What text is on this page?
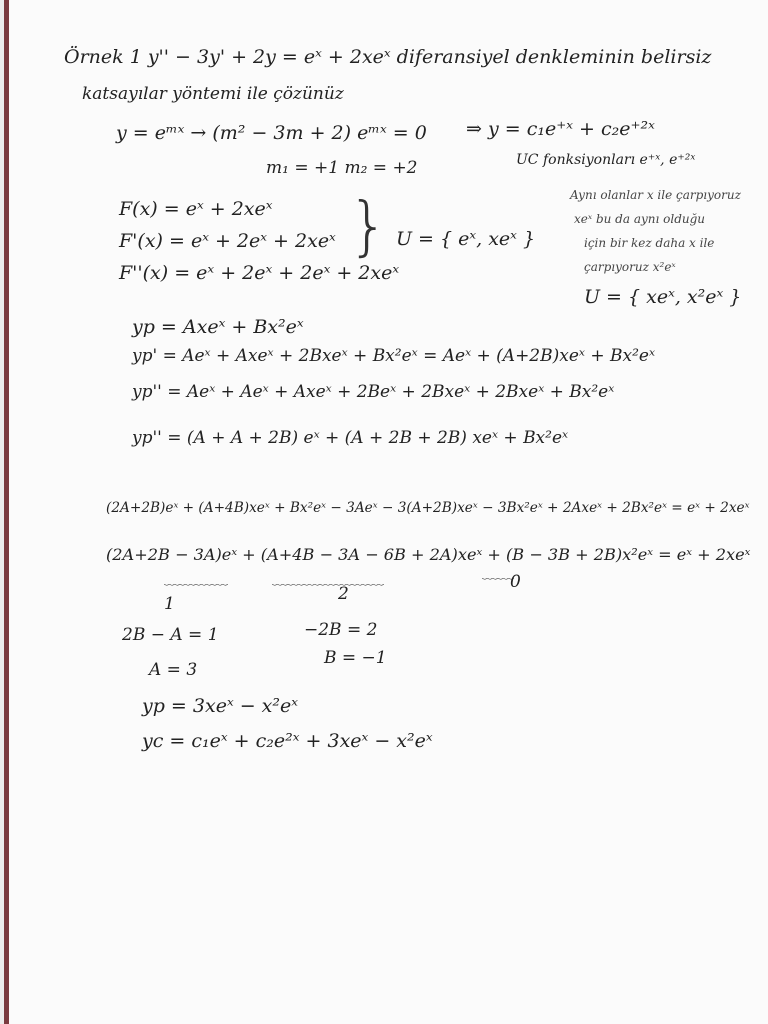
Örnek 1 y'' − 3y' + 2y = eˣ + 2xeˣ diferansiyel denkleminin belirsiz
katsayılar yöntemi ile çözünüz
y = eᵐˣ → (m² − 3m + 2) eᵐˣ = 0 ⇒ y = c₁e⁺ˣ + c₂e⁺²ˣ
m₁ = +1 m₂ = +2	UC fonksiyonları e⁺ˣ, e⁺²ˣ
F(x) = eˣ + 2xeˣ
F'(x) = eˣ + 2eˣ + 2xeˣ
F''(x) = eˣ + 2eˣ + 2eˣ + 2xeˣ
} U = { eˣ, xeˣ }
Aynı olanlar x ile çarpıyoruz
xeˣ bu da aynı olduğu
için bir kez daha x ile
çarpıyoruz x²eˣ
U = { xeˣ, x²eˣ }
yp = Axeˣ + Bx²eˣ
yp' = Aeˣ + Axeˣ + 2Bxeˣ + Bx²eˣ = Aeˣ + (A+2B)xeˣ + Bx²eˣ
yp'' = Aeˣ + Aeˣ + Axeˣ + 2Beˣ + 2Bxeˣ + 2Bxeˣ + Bx²eˣ
yp'' = (A + A + 2B) eˣ + (A + 2B + 2B) xeˣ + Bx²eˣ
(2A+2B)eˣ + (A+4B)xeˣ + Bx²eˣ − 3Aeˣ − 3(A+2B)xeˣ − 3Bx²eˣ + 2Axeˣ + 2Bx²eˣ = eˣ + 2xeˣ
(2A+2B − 3A)eˣ + (A+4B − 3A − 6B + 2A)xeˣ + (B − 3B + 2B)x²eˣ = eˣ + 2xeˣ
﹏﹏﹏﹏	﹏﹏﹏﹏﹏﹏﹏	﹏﹏
1	2
0
2B − A = 1	−2B = 2
B = −1
A = 3
yp = 3xeˣ − x²eˣ
yc = c₁eˣ + c₂e²ˣ + 3xeˣ − x²eˣ
